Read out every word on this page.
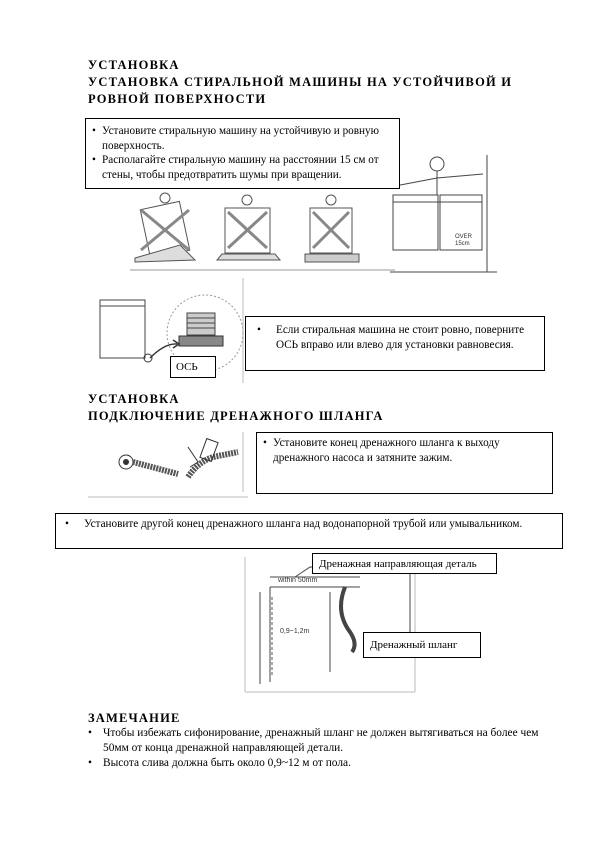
УСТАНОВКА
УСТАНОВКА СТИРАЛЬНОЙ МАШИНЫ НА УСТОЙЧИВОЙ И
РОВНОЙ ПОВЕРХНОСТИ
OVER
15cm
• Установите стиральную машину на устойчивую и ровную поверхность.
• Располагайте стиральную машину на расстоянии 15 см от стены, чтобы предотвратить шумы при вращении.
ОСЬ
• Если стиральная машина не стоит ровно, поверните ОСЬ вправо или влево для установки равновесия.
УСТАНОВКА
ПОДКЛЮЧЕНИЕ ДРЕНАЖНОГО ШЛАНГА
• Установите конец дренажного шланга к выходу дренажного насоса и затяните зажим.
• Установите другой конец дренажного шланга над водонапорной трубой или умывальником.
within 50mm
0,9~1,2m
Дренажная направляющая деталь
Дренажный шланг
ЗАМЕЧАНИЕ
• Чтобы избежать сифонирование, дренажный шланг не должен вытягиваться на более чем 50мм от конца дренажной направляющей детали.
• Высота слива должна быть около 0,9~12 м от пола.
